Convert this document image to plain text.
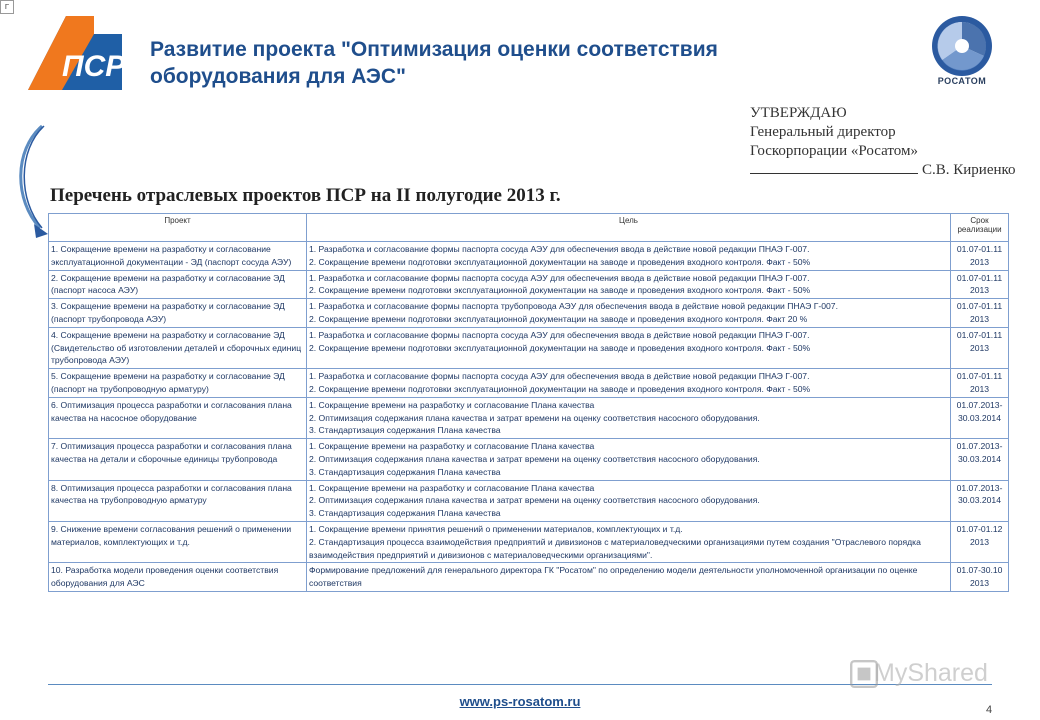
г
ПСР
Развитие проекта "Оптимизация оценки соответствия оборудования для АЭС"	РОСАТОМ
УТВЕРЖДАЮ
Генеральный директор
Госкорпорации «Росатом»
С.В. Кириенко
Перечень отраслевых проектов ПСР на II полугодие 2013 г.
Проект	Цель	Срок реализации
1. Сокращение времени на разработку и согласование эксплуатационной документации - ЭД (паспорт сосуда АЭУ)	1. Разработка и согласование формы паспорта сосуда АЭУ для обеспечения ввода в действие новой редакции ПНАЭ Г-007.
2. Сокращение времени подготовки эксплуатационной документации на заводе и проведения входного контроля. Факт - 50%	01.07-01.11 2013
2. Сокращение времени на разработку и согласование ЭД (паспорт насоса АЭУ)	1. Разработка и согласование формы паспорта сосуда АЭУ для обеспечения ввода в действие новой редакции ПНАЭ Г-007.
2. Сокращение времени подготовки эксплуатационной документации на заводе и проведения входного контроля. Факт - 50%	01.07-01.11 2013
3. Сокращение времени на разработку и согласование ЭД (паспорт трубопровода АЭУ)	1. Разработка и согласование формы паспорта трубопровода АЭУ для обеспечения ввода в действие новой редакции ПНАЭ Г-007.
2. Сокращение времени подготовки эксплуатационной документации на заводе и проведения входного контроля. Факт 20 %	01.07-01.11 2013
4. Сокращение времени на разработку и согласование ЭД (Свидетельство об изготовлении деталей и сборочных единиц трубопровода АЭУ)	1. Разработка и согласование формы паспорта сосуда АЭУ для обеспечения ввода в действие новой редакции ПНАЭ Г-007.
2. Сокращение времени подготовки эксплуатационной документации на заводе и проведения входного контроля. Факт - 50%	01.07-01.11 2013
5. Сокращение времени на разработку и согласование ЭД (паспорт на трубопроводную арматуру)	1. Разработка и согласование формы паспорта сосуда АЭУ для обеспечения ввода в действие новой редакции ПНАЭ Г-007.
2. Сокращение времени подготовки эксплуатационной документации на заводе и проведения входного контроля. Факт - 50%	01.07-01.11 2013
6. Оптимизация процесса разработки и согласования плана качества на насосное оборудование	1. Сокращение времени на разработку и согласование Плана качества
2. Оптимизация содержания плана качества и затрат времени на оценку соответствия насосного оборудования.
3. Стандартизация содержания Плана качества	01.07.2013-30.03.2014
7. Оптимизация процесса разработки и согласования плана качества на детали и сборочные единицы трубопровода	1. Сокращение времени на разработку и согласование Плана качества
2. Оптимизация содержания плана качества и затрат времени на оценку соответствия насосного оборудования.
3. Стандартизация содержания Плана качества	01.07.2013-30.03.2014
8. Оптимизация процесса разработки и согласования плана качества на трубопроводную арматуру	1. Сокращение времени на разработку и согласование Плана качества
2. Оптимизация содержания плана качества и затрат времени на оценку соответствия насосного оборудования.
3. Стандартизация содержания Плана качества	01.07.2013-30.03.2014
9. Снижение времени согласования решений о применении материалов, комплектующих и т.д.	1. Сокращение времени принятия решений о применении материалов, комплектующих и т.д.
2. Стандартизация процесса взаимодействия предприятий и дивизионов с материаловедческими организациями путем создания "Отраслевого порядка взаимодействия предприятий и дивизионов с материаловедческими организациями".	01.07-01.12 2013
10. Разработка модели проведения оценки соответствия оборудования для АЭС	Формирование предложений для генерального директора ГК "Росатом" по определению модели деятельности уполномоченной организации по оценке соответствия	01.07-30.10 2013
MyShared
www.ps-rosatom.ru
4
